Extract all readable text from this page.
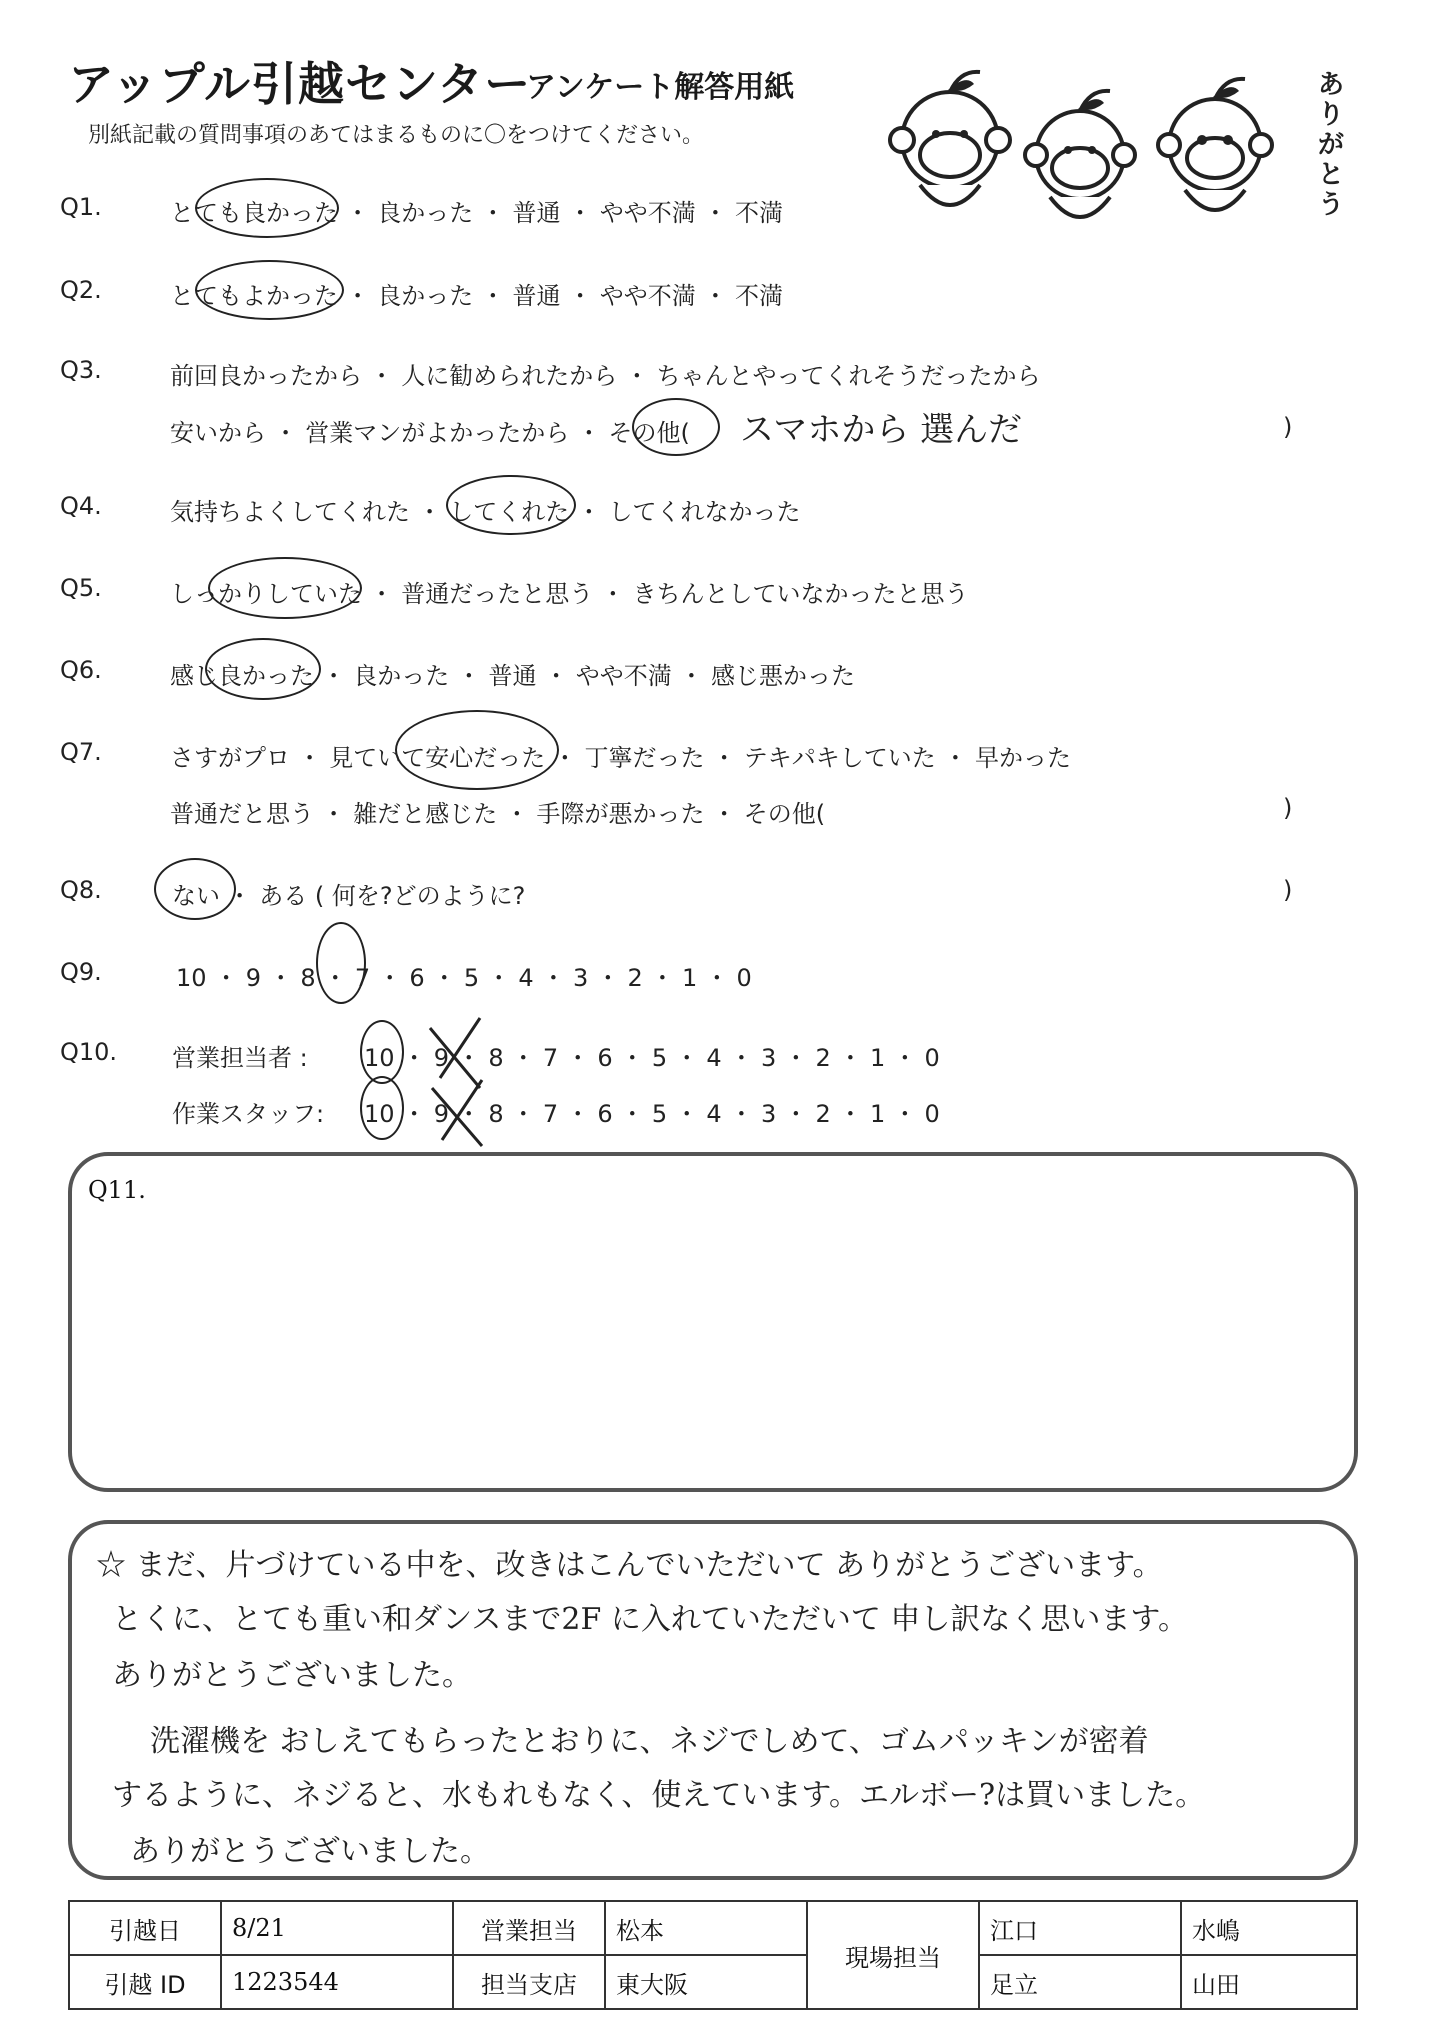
アップル引越センター
アンケート解答用紙
別紙記載の質問事項のあてはまるものに〇をつけてください。
ありがとう
Q1.	とても良かった ・ 良かった ・ 普通 ・ やや不満 ・ 不満
Q2.	とてもよかった ・ 良かった ・ 普通 ・ やや不満 ・ 不満
Q3.	前回良かったから ・ 人に勧められたから ・ ちゃんとやってくれそうだったから
安いから ・ 営業マンがよかったから ・ その他( スマホから 選んだ	)
Q4.	気持ちよくしてくれた ・ してくれた ・ してくれなかった
Q5.	しっかりしていた ・ 普通だったと思う ・ きちんとしていなかったと思う
Q6.	感じ良かった ・ 良かった ・ 普通 ・ やや不満 ・ 感じ悪かった
Q7.	さすがプロ ・ 見ていて安心だった ・ 丁寧だった ・ テキパキしていた ・ 早かった
普通だと思う ・ 雑だと感じた ・ 手際が悪かった ・ その他(	)
Q8.	ない ・ ある ( 何を?どのように?	)
Q9.	10 ・ 9 ・ 8 ・ 7 ・ 6 ・ 5 ・ 4 ・ 3 ・ 2 ・ 1 ・ 0
Q10. 営業担当者 : 10 ・ 9 ・ 8 ・ 7 ・ 6 ・ 5 ・ 4 ・ 3 ・ 2 ・ 1 ・ 0
作業スタッフ: 10 ・ 9 ・ 8 ・ 7 ・ 6 ・ 5 ・ 4 ・ 3 ・ 2 ・ 1 ・ 0
Q11.
☆ まだ、片づけている中を、改きはこんでいただいて ありがとうございます。
とくに、とても重い和ダンスまで2F に入れていただいて 申し訳なく思います。
ありがとうございました。
洗濯機を おしえてもらったとおりに、ネジでしめて、ゴムパッキンが密着
するように、ネジると、水もれもなく、使えています。エルボー?は買いました。
ありがとうございました。
引越日	8/21	営業担当	松本	現場担当	江口	水嶋
引越 ID	1223544	担当支店	東大阪		足立	山田
